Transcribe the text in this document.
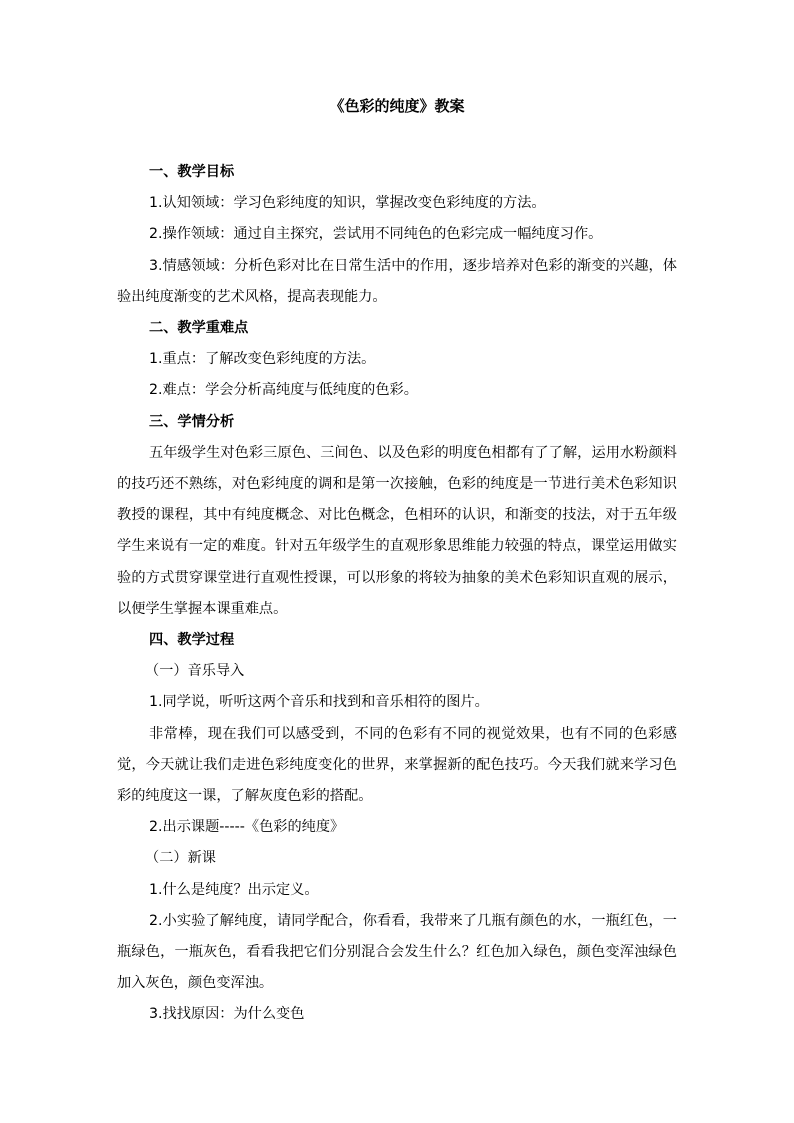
《色彩的纯度》教案

一、教学目标

1.认知领域：学习色彩纯度的知识，掌握改变色彩纯度的方法。

2.操作领域：通过自主探究，尝试用不同纯色的色彩完成一幅纯度习作。

3.情感领域：分析色彩对比在日常生活中的作用，逐步培养对色彩的渐变的兴趣，体验出纯度渐变的艺术风格，提高表现能力。

二、教学重难点

1.重点：了解改变色彩纯度的方法。

2.难点：学会分析高纯度与低纯度的色彩。

三、学情分析

五年级学生对色彩三原色、三间色、以及色彩的明度色相都有了了解，运用水粉颜料的技巧还不熟练，对色彩纯度的调和是第一次接触，色彩的纯度是一节进行美术色彩知识教授的课程，其中有纯度概念、对比色概念，色相环的认识，和渐变的技法，对于五年级学生来说有一定的难度。针对五年级学生的直观形象思维能力较强的特点，课堂运用做实验的方式贯穿课堂进行直观性授课，可以形象的将较为抽象的美术色彩知识直观的展示，以便学生掌握本课重难点。

四、教学过程

（一）音乐导入

1.同学说，听听这两个音乐和找到和音乐相符的图片。

非常棒，现在我们可以感受到，不同的色彩有不同的视觉效果，也有不同的色彩感觉，今天就让我们走进色彩纯度变化的世界，来掌握新的配色技巧。今天我们就来学习色彩的纯度这一课，了解灰度色彩的搭配。

2.出示课题-----《色彩的纯度》

（二）新课

1.什么是纯度？出示定义。

2.小实验了解纯度，请同学配合，你看看，我带来了几瓶有颜色的水，一瓶红色，一瓶绿色，一瓶灰色，看看我把它们分别混合会发生什么？红色加入绿色，颜色变浑浊绿色加入灰色，颜色变浑浊。

3.找找原因：为什么变色
